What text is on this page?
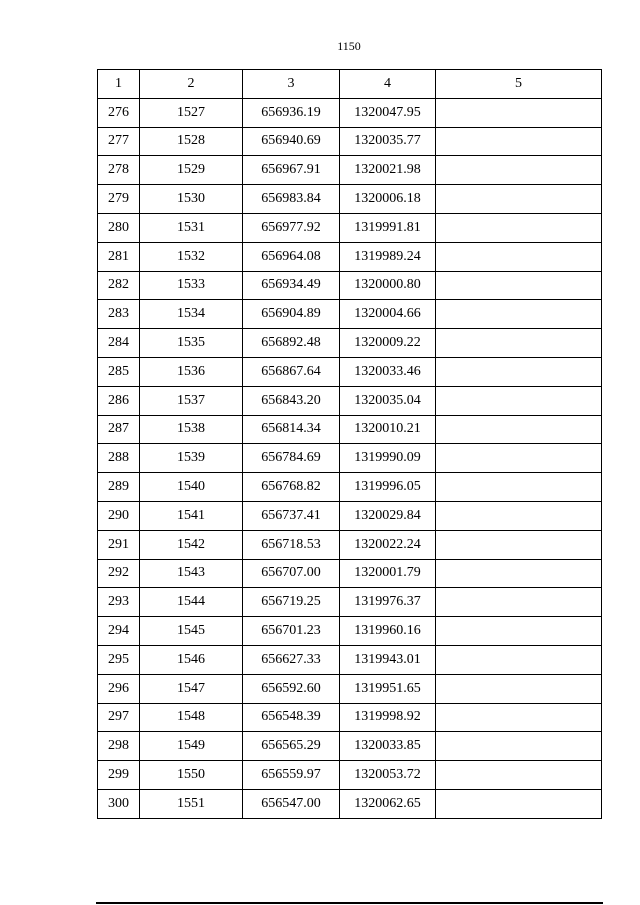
1150
1	2	3	4	5
276	1527	656936.19	1320047.95	
277	1528	656940.69	1320035.77	
278	1529	656967.91	1320021.98	
279	1530	656983.84	1320006.18	
280	1531	656977.92	1319991.81	
281	1532	656964.08	1319989.24	
282	1533	656934.49	1320000.80	
283	1534	656904.89	1320004.66	
284	1535	656892.48	1320009.22	
285	1536	656867.64	1320033.46	
286	1537	656843.20	1320035.04	
287	1538	656814.34	1320010.21	
288	1539	656784.69	1319990.09	
289	1540	656768.82	1319996.05	
290	1541	656737.41	1320029.84	
291	1542	656718.53	1320022.24	
292	1543	656707.00	1320001.79	
293	1544	656719.25	1319976.37	
294	1545	656701.23	1319960.16	
295	1546	656627.33	1319943.01	
296	1547	656592.60	1319951.65	
297	1548	656548.39	1319998.92	
298	1549	656565.29	1320033.85	
299	1550	656559.97	1320053.72	
300	1551	656547.00	1320062.65	
